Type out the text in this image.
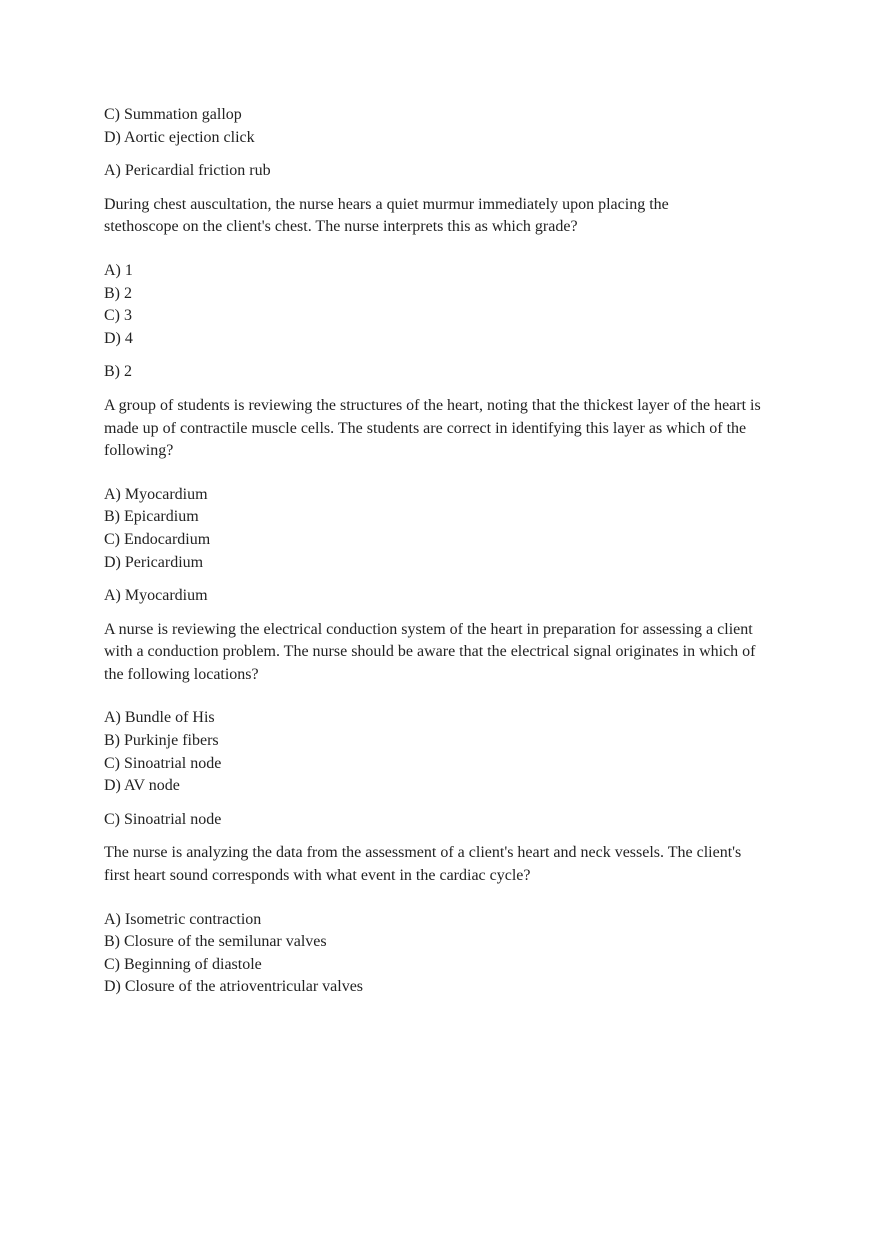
C) Summation gallop
D) Aortic ejection click
A) Pericardial friction rub
During chest auscultation, the nurse hears a quiet murmur immediately upon placing the stethoscope on the client's chest. The nurse interprets this as which grade?
A) 1
B) 2
C) 3
D) 4
B) 2
A group of students is reviewing the structures of the heart, noting that the thickest layer of the heart is made up of contractile muscle cells. The students are correct in identifying this layer as which of the following?
A) Myocardium
B) Epicardium
C) Endocardium
D) Pericardium
A) Myocardium
A nurse is reviewing the electrical conduction system of the heart in preparation for assessing a client with a conduction problem. The nurse should be aware that the electrical signal originates in which of the following locations?
A) Bundle of His
B) Purkinje fibers
C) Sinoatrial node
D) AV node
C) Sinoatrial node
The nurse is analyzing the data from the assessment of a client's heart and neck vessels. The client's first heart sound corresponds with what event in the cardiac cycle?
A) Isometric contraction
B) Closure of the semilunar valves
C) Beginning of diastole
D) Closure of the atrioventricular valves
